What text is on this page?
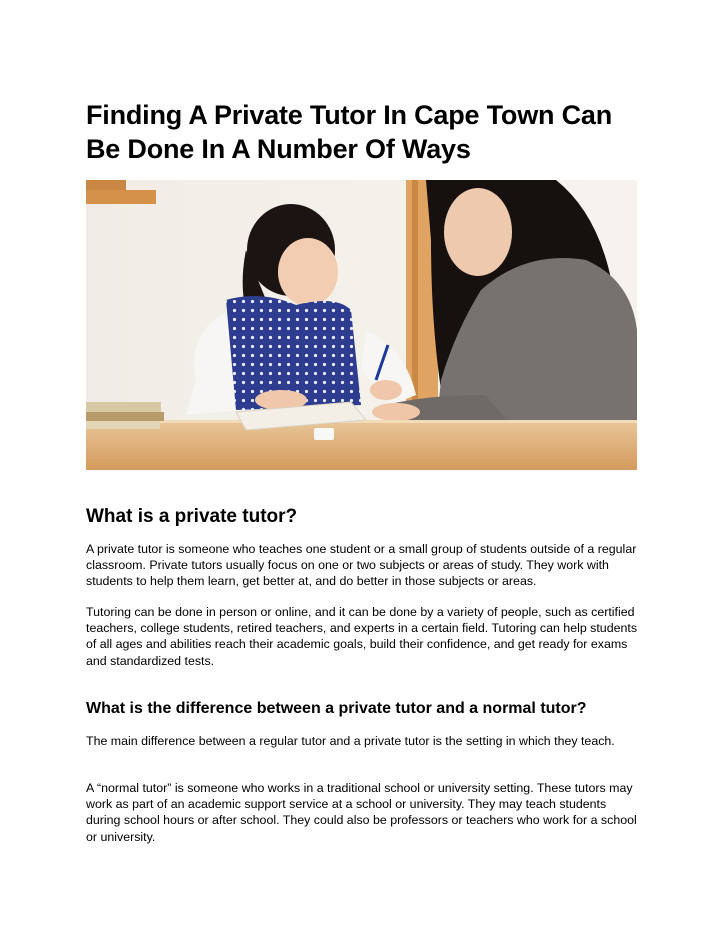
Finding A Private Tutor In Cape Town Can Be Done In A Number Of Ways
What is a private tutor?

A private tutor is someone who teaches one student or a small group of students outside of a regular classroom. Private tutors usually focus on one or two subjects or areas of study. They work with students to help them learn, get better at, and do better in those subjects or areas.

Tutoring can be done in person or online, and it can be done by a variety of people, such as certified teachers, college students, retired teachers, and experts in a certain field. Tutoring can help students of all ages and abilities reach their academic goals, build their confidence, and get ready for exams and standardized tests.

What is the difference between a private tutor and a normal tutor?

The main difference between a regular tutor and a private tutor is the setting in which they teach.

A “normal tutor” is someone who works in a traditional school or university setting. These tutors may work as part of an academic support service at a school or university. They may teach students during school hours or after school. They could also be professors or teachers who work for a school or university.
